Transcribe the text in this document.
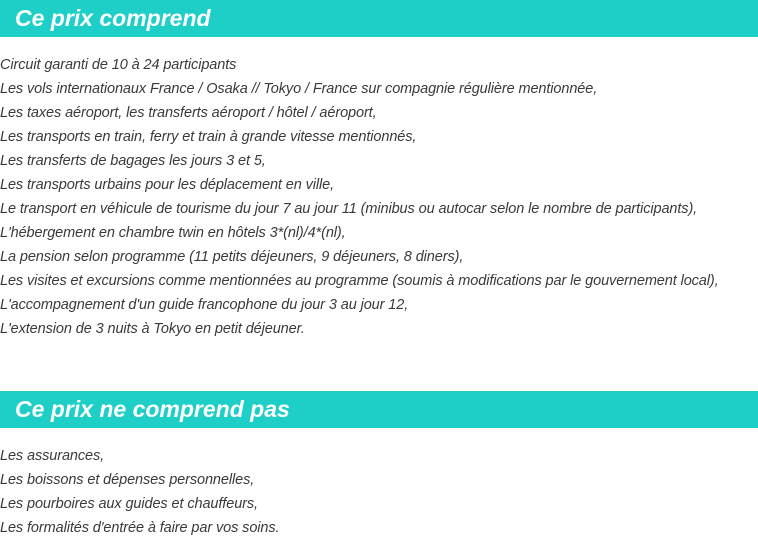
Ce prix comprend
Circuit garanti de 10 à 24 participants
Les vols internationaux France / Osaka // Tokyo / France sur compagnie régulière mentionnée,
Les taxes aéroport, les transferts aéroport / hôtel / aéroport,
Les transports en train, ferry et train à grande vitesse mentionnés,
Les transferts de bagages les jours 3 et 5,
Les transports urbains pour les déplacement en ville,
Le transport en véhicule de tourisme du jour 7 au jour 11 (minibus ou autocar selon le nombre de participants),
L'hébergement en chambre twin en hôtels 3*(nl)/4*(nl),
La pension selon programme (11 petits déjeuners, 9 déjeuners, 8 diners),
Les visites et excursions comme mentionnées au programme (soumis à modifications par le gouvernement local),
L'accompagnement d'un guide francophone du jour 3 au jour 12,
L'extension de 3 nuits à Tokyo en petit déjeuner.
Ce prix ne comprend pas
Les assurances,
Les boissons et dépenses personnelles,
Les pourboires aux guides et chauffeurs,
Les formalités d'entrée à faire par vos soins.
